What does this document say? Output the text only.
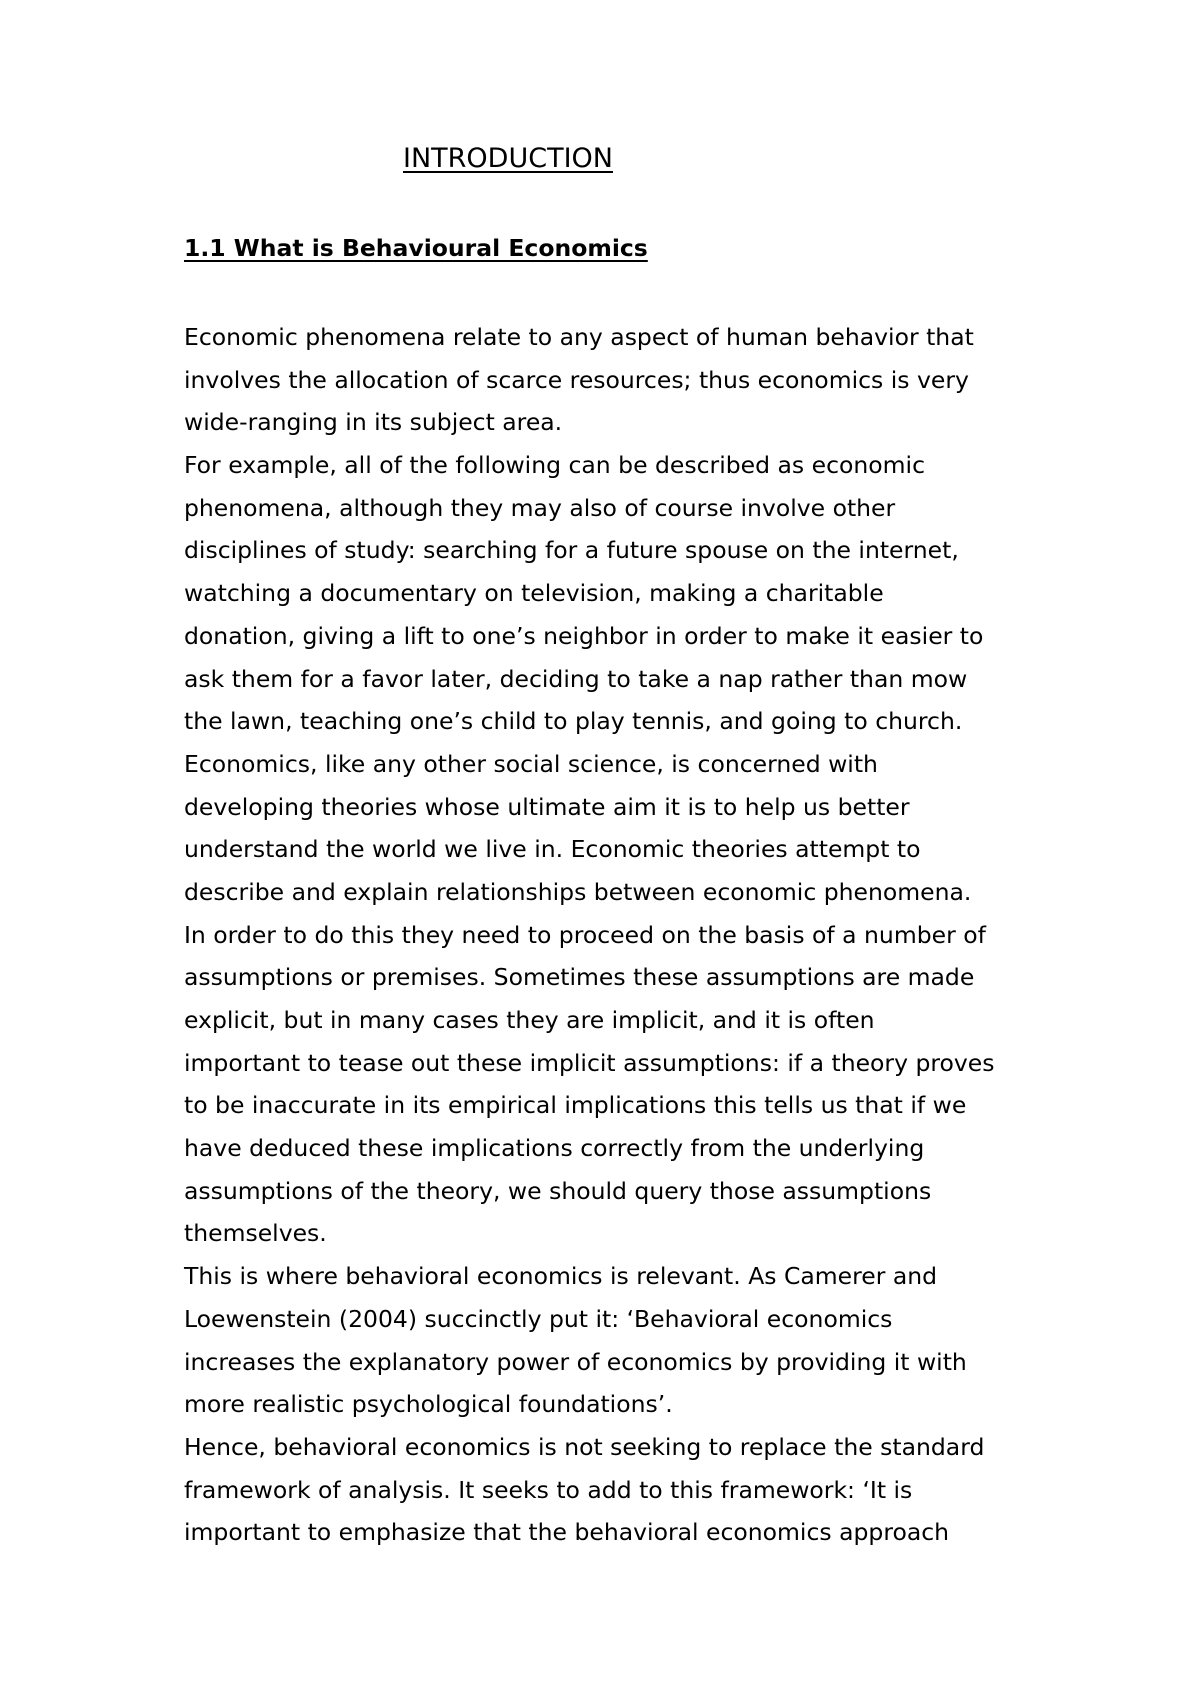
INTRODUCTION
1.1 What is Behavioural Economics
Economic phenomena relate to any aspect of human behavior that
involves the allocation of scarce resources; thus economics is very
wide-ranging in its subject area.
For example, all of the following can be described as economic
phenomena, although they may also of course involve other
disciplines of study: searching for a future spouse on the internet,
watching a documentary on television, making a charitable
donation, giving a lift to one’s neighbor in order to make it easier to
ask them for a favor later, deciding to take a nap rather than mow
the lawn, teaching one’s child to play tennis, and going to church.
Economics, like any other social science, is concerned with
developing theories whose ultimate aim it is to help us better
understand the world we live in. Economic theories attempt to
describe and explain relationships between economic phenomena.
In order to do this they need to proceed on the basis of a number of
assumptions or premises. Sometimes these assumptions are made
explicit, but in many cases they are implicit, and it is often
important to tease out these implicit assumptions: if a theory proves
to be inaccurate in its empirical implications this tells us that if we
have deduced these implications correctly from the underlying
assumptions of the theory, we should query those assumptions
themselves.
This is where behavioral economics is relevant. As Camerer and
Loewenstein (2004) succinctly put it: ‘Behavioral economics
increases the explanatory power of economics by providing it with
more realistic psychological foundations’.
Hence, behavioral economics is not seeking to replace the standard
framework of analysis. It seeks to add to this framework: ‘It is
important to emphasize that the behavioral economics approach
